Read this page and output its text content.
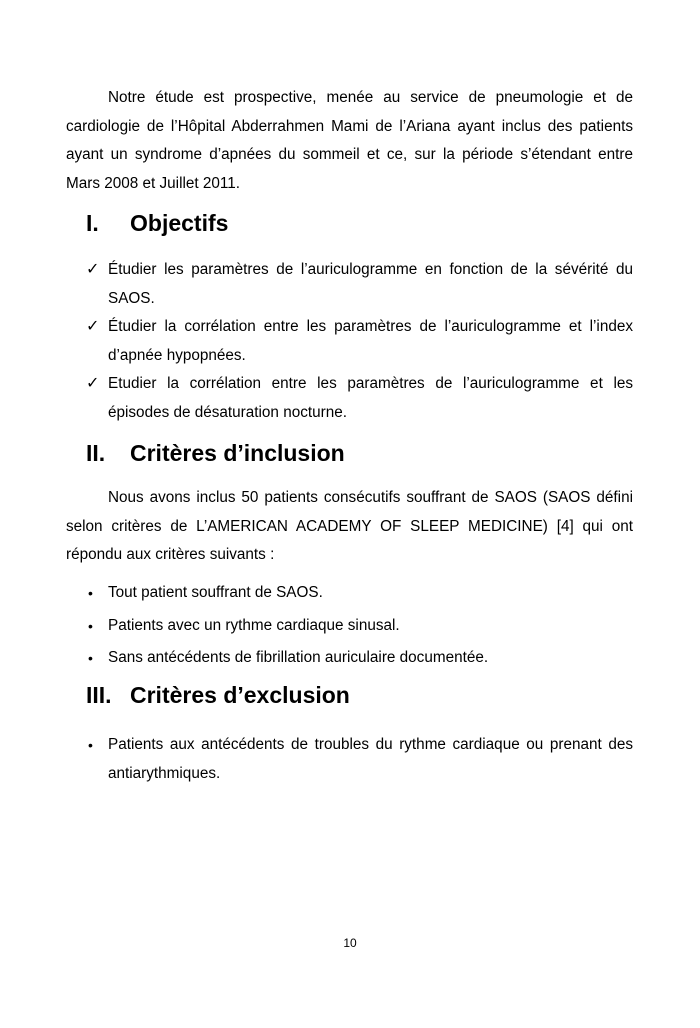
Notre étude est prospective, menée au service de pneumologie et de cardiologie de l’Hôpital Abderrahmen Mami de l’Ariana ayant inclus des patients ayant un syndrome d’apnées du sommeil et ce, sur la période s’étendant entre Mars 2008 et Juillet 2011.

I. Objectifs
✓ Étudier les paramètres de l’auriculogramme en fonction de la sévérité du SAOS.
✓ Étudier la corrélation entre les paramètres de l’auriculogramme et l’index d’apnée hypopnées.
✓ Etudier la corrélation entre les paramètres de l’auriculogramme et les épisodes de désaturation nocturne.
II. Critères d’inclusion

Nous avons inclus 50 patients consécutifs souffrant de SAOS (SAOS défini selon critères de L’AMERICAN ACADEMY OF SLEEP MEDICINE) [4] qui ont répondu aux critères suivants :

• Tout patient souffrant de SAOS.
• Patients avec un rythme cardiaque sinusal.
• Sans antécédents de fibrillation auriculaire documentée.
III. Critères d’exclusion
• Patients aux antécédents de troubles du rythme cardiaque ou prenant des antiarythmiques.
10
